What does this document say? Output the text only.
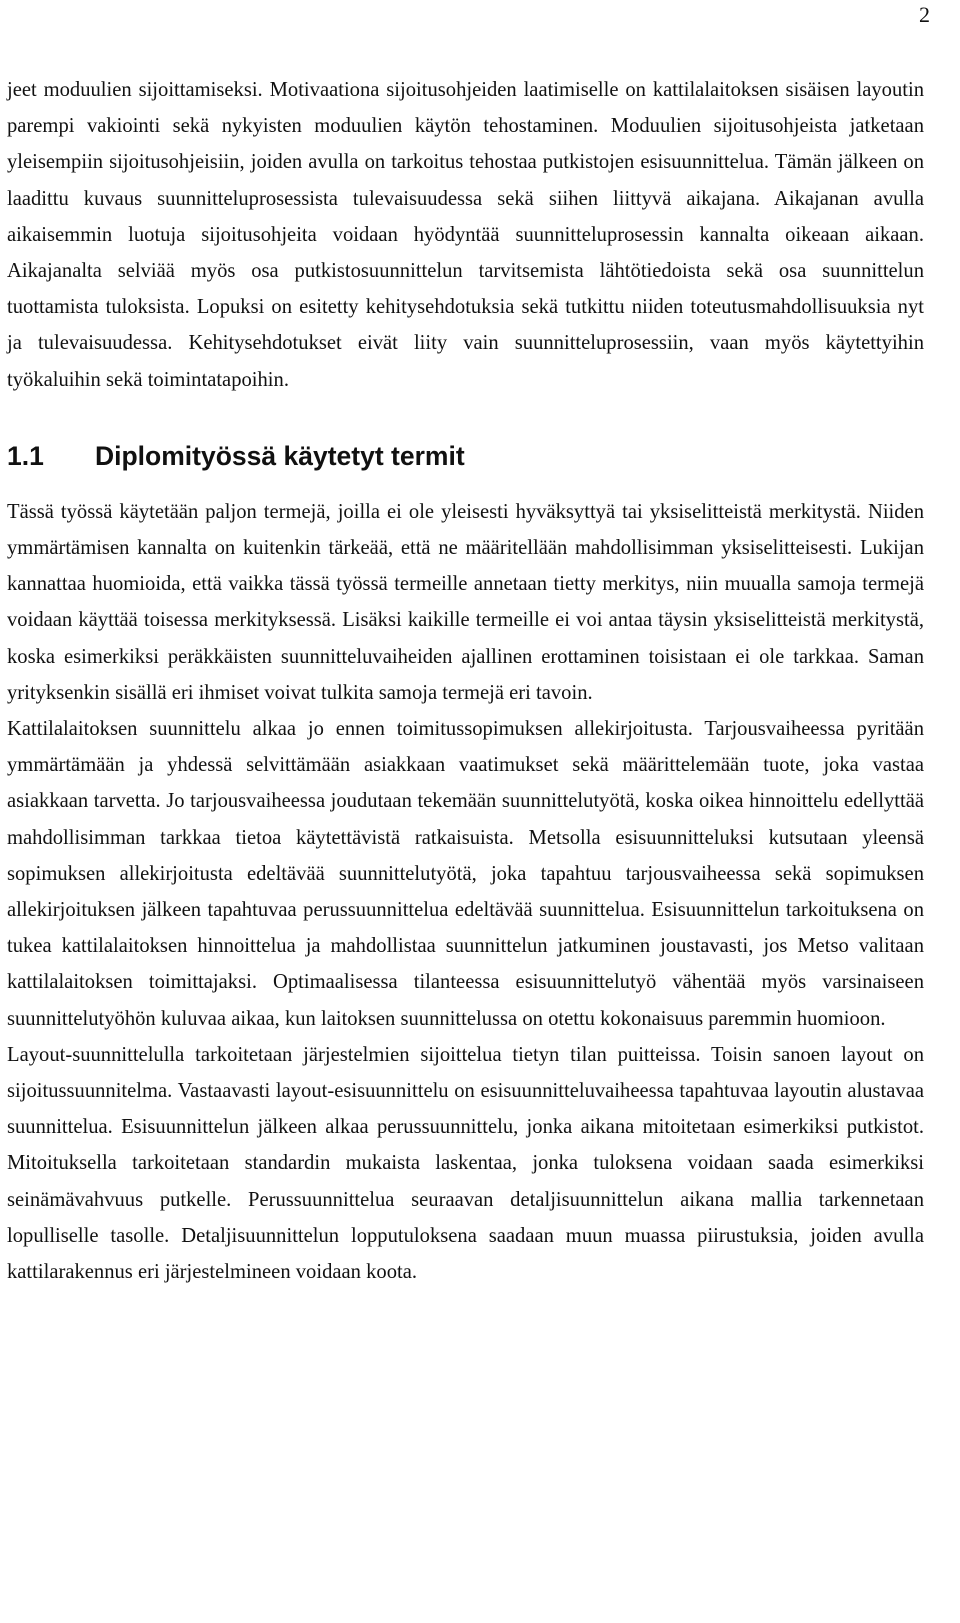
2

jeet moduulien sijoittamiseksi. Motivaationa sijoitusohjeiden laatimiselle on kattilalaitoksen sisäisen layoutin parempi vakiointi sekä nykyisten moduulien käytön tehostaminen. Moduulien sijoitusohjeista jatketaan yleisempiin sijoitusohjeisiin, joiden avulla on tarkoitus tehostaa putkistojen esisuunnittelua. Tämän jälkeen on laadittu kuvaus suunnitteluprosessista tulevaisuudessa sekä siihen liittyvä aikajana. Aikajanan avulla aikaisemmin luotuja sijoitusohjeita voidaan hyödyntää suunnitteluprosessin kannalta oikeaan aikaan. Aikajanalta selviää myös osa putkistosuunnittelun tarvitsemista lähtötiedoista sekä osa suunnittelun tuottamista tuloksista. Lopuksi on esitetty kehitysehdotuksia sekä tutkittu niiden toteutusmahdollisuuksia nyt ja tulevaisuudessa. Kehitysehdotukset eivät liity vain suunnitteluprosessiin, vaan myös käytettyihin työkaluihin sekä toimintatapoihin.

1.1 Diplomityössä käytetyt termit

Tässä työssä käytetään paljon termejä, joilla ei ole yleisesti hyväksyttyä tai yksiselitteistä merkitystä. Niiden ymmärtämisen kannalta on kuitenkin tärkeää, että ne määritellään mahdollisimman yksiselitteisesti. Lukijan kannattaa huomioida, että vaikka tässä työssä termeille annetaan tietty merkitys, niin muualla samoja termejä voidaan käyttää toisessa merkityksessä. Lisäksi kaikille termeille ei voi antaa täysin yksiselitteistä merkitystä, koska esimerkiksi peräkkäisten suunnitteluvaiheiden ajallinen erottaminen toisistaan ei ole tarkkaa. Saman yrityksenkin sisällä eri ihmiset voivat tulkita samoja termejä eri tavoin.

Kattilalaitoksen suunnittelu alkaa jo ennen toimitussopimuksen allekirjoitusta. Tarjousvaiheessa pyritään ymmärtämään ja yhdessä selvittämään asiakkaan vaatimukset sekä määrittelemään tuote, joka vastaa asiakkaan tarvetta. Jo tarjousvaiheessa joudutaan tekemään suunnittelutyötä, koska oikea hinnoittelu edellyttää mahdollisimman tarkkaa tietoa käytettävistä ratkaisuista. Metsolla esisuunnitteluksi kutsutaan yleensä sopimuksen allekirjoitusta edeltävää suunnittelutyötä, joka tapahtuu tarjousvaiheessa sekä sopimuksen allekirjoituksen jälkeen tapahtuvaa perussuunnittelua edeltävää suunnittelua. Esisuunnittelun tarkoituksena on tukea kattilalaitoksen hinnoittelua ja mahdollistaa suunnittelun jatkuminen joustavasti, jos Metso valitaan kattilalaitoksen toimittajaksi. Optimaalisessa tilanteessa esisuunnittelutyö vähentää myös varsinaiseen suunnittelutyöhön kuluvaa aikaa, kun laitoksen suunnittelussa on otettu kokonaisuus paremmin huomioon.

Layout-suunnittelulla tarkoitetaan järjestelmien sijoittelua tietyn tilan puitteissa. Toisin sanoen layout on sijoitussuunnitelma. Vastaavasti layout-esisuunnittelu on esisuunnitteluvaiheessa tapahtuvaa layoutin alustavaa suunnittelua. Esisuunnittelun jälkeen alkaa perussuunnittelu, jonka aikana mitoitetaan esimerkiksi putkistot. Mitoituksella tarkoitetaan standardin mukaista laskentaa, jonka tuloksena voidaan saada esimerkiksi seinämävahvuus putkelle. Perussuunnittelua seuraavan detaljisuunnittelun aikana mallia tarkennetaan lopulliselle tasolle. Detaljisuunnittelun lopputuloksena saadaan muun muassa piirustuksia, joiden avulla kattilarakennus eri järjestelmineen voidaan koota.
